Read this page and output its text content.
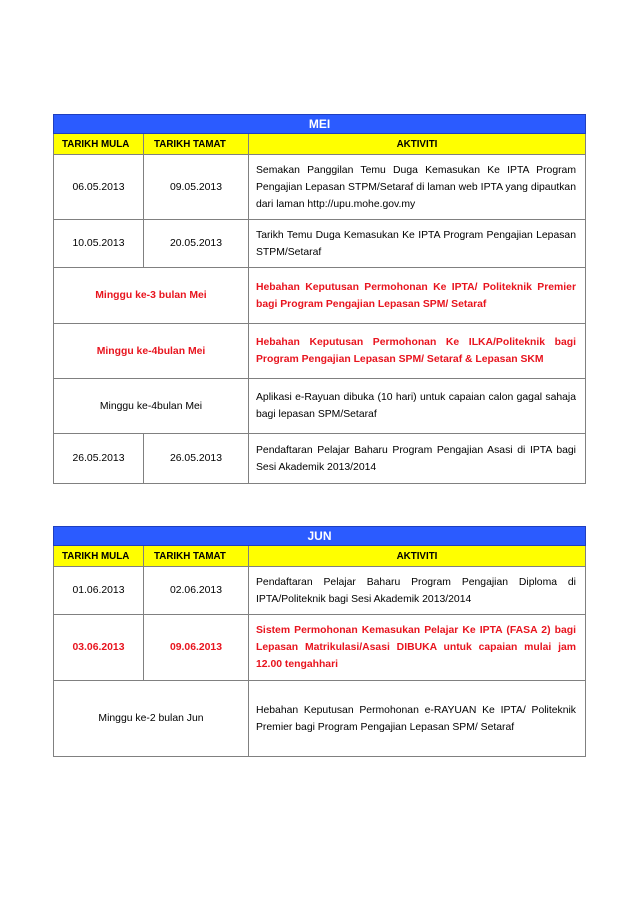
MEI		
TARIKH MULA	TARIKH TAMAT	AKTIVITI
06.05.2013	09.05.2013	Semakan Panggilan Temu Duga Kemasukan Ke IPTA Program Pengajian Lepasan STPM/Setaraf di laman web IPTA yang dipautkan dari laman http://upu.mohe.gov.my
10.05.2013	20.05.2013	Tarikh Temu Duga Kemasukan Ke IPTA Program Pengajian Lepasan STPM/Setaraf
Minggu ke-3 bulan Mei		Hebahan Keputusan Permohonan Ke IPTA/ Politeknik Premier bagi Program Pengajian Lepasan SPM/ Setaraf
Minggu ke-4bulan Mei		Hebahan Keputusan Permohonan Ke ILKA/Politeknik bagi Program Pengajian Lepasan SPM/ Setaraf & Lepasan SKM
Minggu ke-4bulan Mei		Aplikasi e-Rayuan dibuka (10 hari) untuk capaian calon gagal sahaja bagi lepasan SPM/Setaraf
26.05.2013	26.05.2013	Pendaftaran Pelajar Baharu Program Pengajian Asasi di IPTA bagi Sesi Akademik 2013/2014
JUN		
TARIKH MULA	TARIKH TAMAT	AKTIVITI
01.06.2013	02.06.2013	Pendaftaran Pelajar Baharu Program Pengajian Diploma di IPTA/Politeknik bagi Sesi Akademik 2013/2014
03.06.2013	09.06.2013	Sistem Permohonan Kemasukan Pelajar Ke IPTA (FASA 2) bagi Lepasan Matrikulasi/Asasi DIBUKA untuk capaian mulai jam 12.00 tengahhari
Minggu ke-2 bulan Jun		Hebahan Keputusan Permohonan e-RAYUAN Ke IPTA/ Politeknik Premier bagi Program Pengajian Lepasan SPM/ Setaraf
